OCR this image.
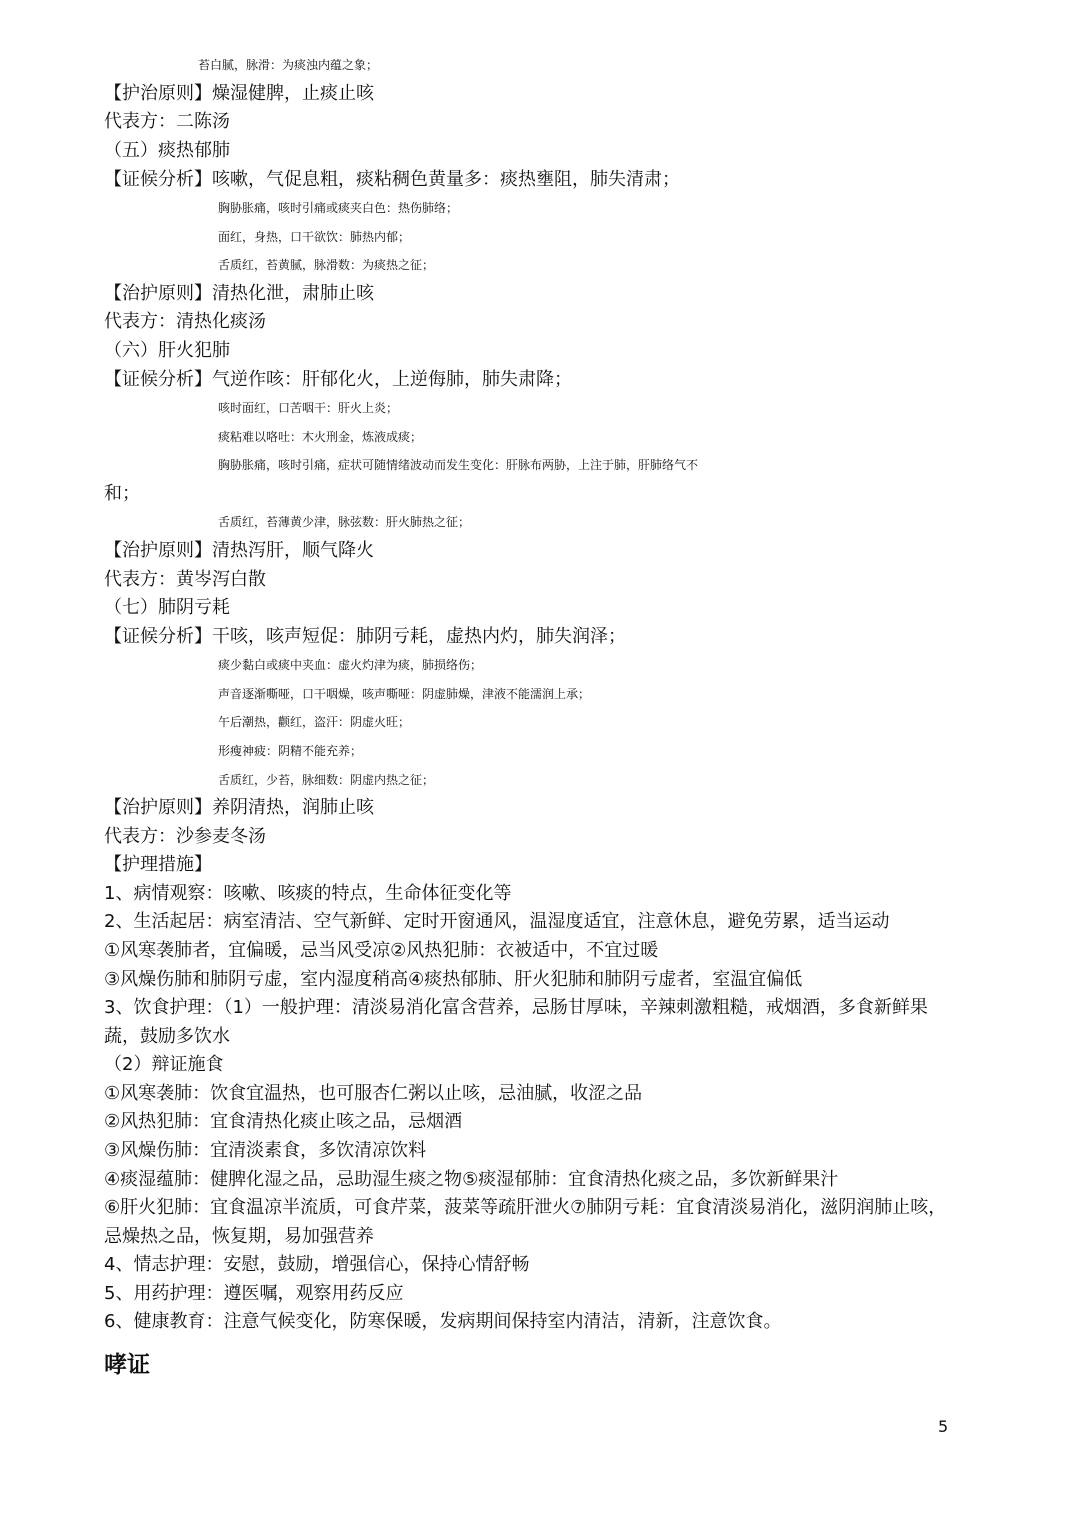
苔白腻，脉滑：为痰浊内蕴之象；
【护治原则】燥湿健脾，止痰止咳
代表方：二陈汤
（五）痰热郁肺
【证候分析】咳嗽，气促息粗，痰粘稠色黄量多：痰热壅阻，肺失清肃；
胸胁胀痛，咳时引痛或痰夹白色：热伤肺络；
面红，身热，口干欲饮：肺热内郁；
舌质红，苔黄腻，脉滑数：为痰热之征；
【治护原则】清热化泄，肃肺止咳
代表方：清热化痰汤
（六）肝火犯肺
【证候分析】气逆作咳：肝郁化火，上逆侮肺，肺失肃降；
咳时面红，口苦咽干：肝火上炎；
痰粘难以咯吐：木火刑金，炼液成痰；
胸胁胀痛，咳时引痛，症状可随情绪波动而发生变化：肝脉布两胁，上注于肺，肝肺络气不
和；
舌质红，苔薄黄少津，脉弦数：肝火肺热之征；
【治护原则】清热泻肝，顺气降火
代表方：黄岑泻白散
（七）肺阴亏耗
【证候分析】干咳，咳声短促：肺阴亏耗，虚热内灼，肺失润泽；
痰少黏白或痰中夹血：虚火灼津为痰，肺损络伤；
声音逐渐嘶哑，口干咽燥，咳声嘶哑：阴虚肺燥，津液不能濡润上承；
午后潮热，颧红，盗汗：阴虚火旺；
形瘦神疲：阴精不能充养；
舌质红，少苔，脉细数：阴虚内热之征；
【治护原则】养阴清热，润肺止咳
代表方：沙参麦冬汤
【护理措施】
1、病情观察：咳嗽、咳痰的特点，生命体征变化等
2、生活起居：病室清洁、空气新鲜、定时开窗通风，温湿度适宜，注意休息，避免劳累，适当运动
①风寒袭肺者，宜偏暖，忌当风受凉②风热犯肺：衣被适中，不宜过暖
③风燥伤肺和肺阴亏虚，室内湿度稍高④痰热郁肺、肝火犯肺和肺阴亏虚者，室温宜偏低
3、饮食护理：（1）一般护理：清淡易消化富含营养，忌肠甘厚味，辛辣刺激粗糙，戒烟酒，多食新鲜果
蔬，鼓励多饮水
（2）辩证施食
①风寒袭肺：饮食宜温热，也可服杏仁粥以止咳，忌油腻，收涩之品
②风热犯肺：宜食清热化痰止咳之品，忌烟酒
③风燥伤肺：宜清淡素食，多饮清凉饮料
④痰湿蕴肺：健脾化湿之品，忌助湿生痰之物⑤痰湿郁肺：宜食清热化痰之品，多饮新鲜果汁
⑥肝火犯肺：宜食温凉半流质，可食芹菜，菠菜等疏肝泄火⑦肺阴亏耗：宜食清淡易消化，滋阴润肺止咳，
忌燥热之品，恢复期，易加强营养
4、情志护理：安慰，鼓励，增强信心，保持心情舒畅
5、用药护理：遵医嘱，观察用药反应
6、健康教育：注意气候变化，防寒保暖，发病期间保持室内清洁，清新，注意饮食。
哮证
5
